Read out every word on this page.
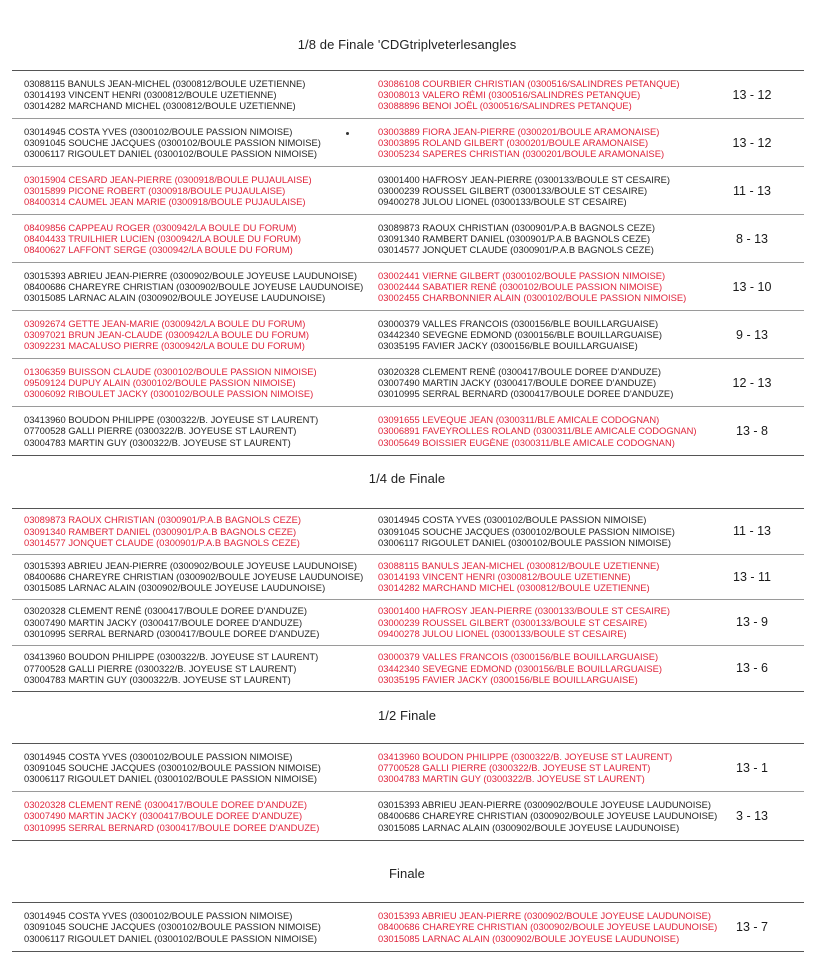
1/8 de Finale 'CDGtriplveterlesangles
03088115 BANULS JEAN-MICHEL (0300812/BOULE UZETIENNE)
03014193 VINCENT HENRI (0300812/BOULE UZETIENNE)
03014282 MARCHAND MICHEL (0300812/BOULE UZETIENNE)
03086108 COURBIER CHRISTIAN (0300516/SALINDRES PETANQUE)
03008013 VALERO RÉMI (0300516/SALINDRES PETANQUE)
03088896 BENOI JOËL (0300516/SALINDRES PETANQUE)
13 - 12
03014945 COSTA YVES (0300102/BOULE PASSION NIMOISE)
03091045 SOUCHE JACQUES (0300102/BOULE PASSION NIMOISE)
03006117 RIGOULET DANIEL (0300102/BOULE PASSION NIMOISE)
03003889 FIORA JEAN-PIERRE (0300201/BOULE ARAMONAISE)
03003895 ROLAND GILBERT (0300201/BOULE ARAMONAISE)
03005234 SAPERES CHRISTIAN (0300201/BOULE ARAMONAISE)
13 - 12
03015904 CESARD JEAN-PIERRE (0300918/BOULE PUJAULAISE)
03015899 PICONE ROBERT (0300918/BOULE PUJAULAISE)
08400314 CAUMEL JEAN MARIE (0300918/BOULE PUJAULAISE)
03001400 HAFROSY JEAN-PIERRE (0300133/BOULE ST CESAIRE)
03000239 ROUSSEL GILBERT (0300133/BOULE ST CESAIRE)
09400278 JULOU LIONEL (0300133/BOULE ST CESAIRE)
11 - 13
08409856 CAPPEAU ROGER (0300942/LA BOULE DU FORUM)
08404433 TRUILHIER LUCIEN (0300942/LA BOULE DU FORUM)
08400627 LAFFONT SERGE (0300942/LA BOULE DU FORUM)
03089873 RAOUX CHRISTIAN (0300901/P.A.B BAGNOLS CEZE)
03091340 RAMBERT DANIEL (0300901/P.A.B BAGNOLS CEZE)
03014577 JONQUET CLAUDE (0300901/P.A.B BAGNOLS CEZE)
8 - 13
03015393 ABRIEU JEAN-PIERRE (0300902/BOULE JOYEUSE LAUDUNOISE)
08400686 CHAREYRE CHRISTIAN (0300902/BOULE JOYEUSE LAUDUNOISE)
03015085 LARNAC ALAIN (0300902/BOULE JOYEUSE LAUDUNOISE)
03002441 VIERNE GILBERT (0300102/BOULE PASSION NIMOISE)
03002444 SABATIER RENÉ (0300102/BOULE PASSION NIMOISE)
03002455 CHARBONNIER ALAIN (0300102/BOULE PASSION NIMOISE)
13 - 10
03092674 GETTE JEAN-MARIE (0300942/LA BOULE DU FORUM)
03097021 BRUN JEAN-CLAUDE (0300942/LA BOULE DU FORUM)
03092231 MACALUSO PIERRE (0300942/LA BOULE DU FORUM)
03000379 VALLES FRANCOIS (0300156/BLE BOUILLARGUAISE)
03442340 SEVEGNE EDMOND (0300156/BLE BOUILLARGUAISE)
03035195 FAVIER JACKY (0300156/BLE BOUILLARGUAISE)
9 - 13
01306359 BUISSON CLAUDE (0300102/BOULE PASSION NIMOISE)
09509124 DUPUY ALAIN (0300102/BOULE PASSION NIMOISE)
03006092 RIBOULET JACKY (0300102/BOULE PASSION NIMOISE)
03020328 CLEMENT RENÉ (0300417/BOULE DOREE D'ANDUZE)
03007490 MARTIN JACKY (0300417/BOULE DOREE D'ANDUZE)
03010995 SERRAL BERNARD (0300417/BOULE DOREE D'ANDUZE)
12 - 13
03413960 BOUDON PHILIPPE (0300322/B. JOYEUSE ST LAURENT)
07700528 GALLI PIERRE (0300322/B. JOYEUSE ST LAURENT)
03004783 MARTIN GUY (0300322/B. JOYEUSE ST LAURENT)
03091655 LEVEQUE JEAN (0300311/BLE AMICALE CODOGNAN)
03006891 FAVEYROLLES ROLAND (0300311/BLE AMICALE CODOGNAN)
03005649 BOISSIER EUGÈNE (0300311/BLE AMICALE CODOGNAN)
13 - 8
1/4 de Finale
03089873 RAOUX CHRISTIAN (0300901/P.A.B BAGNOLS CEZE)
03091340 RAMBERT DANIEL (0300901/P.A.B BAGNOLS CEZE)
03014577 JONQUET CLAUDE (0300901/P.A.B BAGNOLS CEZE)
03014945 COSTA YVES (0300102/BOULE PASSION NIMOISE)
03091045 SOUCHE JACQUES (0300102/BOULE PASSION NIMOISE)
03006117 RIGOULET DANIEL (0300102/BOULE PASSION NIMOISE)
11 - 13
03015393 ABRIEU JEAN-PIERRE (0300902/BOULE JOYEUSE LAUDUNOISE)
08400686 CHAREYRE CHRISTIAN (0300902/BOULE JOYEUSE LAUDUNOISE)
03015085 LARNAC ALAIN (0300902/BOULE JOYEUSE LAUDUNOISE)
03088115 BANULS JEAN-MICHEL (0300812/BOULE UZETIENNE)
03014193 VINCENT HENRI (0300812/BOULE UZETIENNE)
03014282 MARCHAND MICHEL (0300812/BOULE UZETIENNE)
13 - 11
03020328 CLEMENT RENÉ (0300417/BOULE DOREE D'ANDUZE)
03007490 MARTIN JACKY (0300417/BOULE DOREE D'ANDUZE)
03010995 SERRAL BERNARD (0300417/BOULE DOREE D'ANDUZE)
03001400 HAFROSY JEAN-PIERRE (0300133/BOULE ST CESAIRE)
03000239 ROUSSEL GILBERT (0300133/BOULE ST CESAIRE)
09400278 JULOU LIONEL (0300133/BOULE ST CESAIRE)
13 - 9
03413960 BOUDON PHILIPPE (0300322/B. JOYEUSE ST LAURENT)
07700528 GALLI PIERRE (0300322/B. JOYEUSE ST LAURENT)
03004783 MARTIN GUY (0300322/B. JOYEUSE ST LAURENT)
03000379 VALLES FRANCOIS (0300156/BLE BOUILLARGUAISE)
03442340 SEVEGNE EDMOND (0300156/BLE BOUILLARGUAISE)
03035195 FAVIER JACKY (0300156/BLE BOUILLARGUAISE)
13 - 6
1/2 Finale
03014945 COSTA YVES (0300102/BOULE PASSION NIMOISE)
03091045 SOUCHE JACQUES (0300102/BOULE PASSION NIMOISE)
03006117 RIGOULET DANIEL (0300102/BOULE PASSION NIMOISE)
03413960 BOUDON PHILIPPE (0300322/B. JOYEUSE ST LAURENT)
07700528 GALLI PIERRE (0300322/B. JOYEUSE ST LAURENT)
03004783 MARTIN GUY (0300322/B. JOYEUSE ST LAURENT)
13 - 1
03020328 CLEMENT RENÉ (0300417/BOULE DOREE D'ANDUZE)
03007490 MARTIN JACKY (0300417/BOULE DOREE D'ANDUZE)
03010995 SERRAL BERNARD (0300417/BOULE DOREE D'ANDUZE)
03015393 ABRIEU JEAN-PIERRE (0300902/BOULE JOYEUSE LAUDUNOISE)
08400686 CHAREYRE CHRISTIAN (0300902/BOULE JOYEUSE LAUDUNOISE)
03015085 LARNAC ALAIN (0300902/BOULE JOYEUSE LAUDUNOISE)
3 - 13
Finale
03014945 COSTA YVES (0300102/BOULE PASSION NIMOISE)
03091045 SOUCHE JACQUES (0300102/BOULE PASSION NIMOISE)
03006117 RIGOULET DANIEL (0300102/BOULE PASSION NIMOISE)
03015393 ABRIEU JEAN-PIERRE (0300902/BOULE JOYEUSE LAUDUNOISE)
08400686 CHAREYRE CHRISTIAN (0300902/BOULE JOYEUSE LAUDUNOISE)
03015085 LARNAC ALAIN (0300902/BOULE JOYEUSE LAUDUNOISE)
13 - 7
